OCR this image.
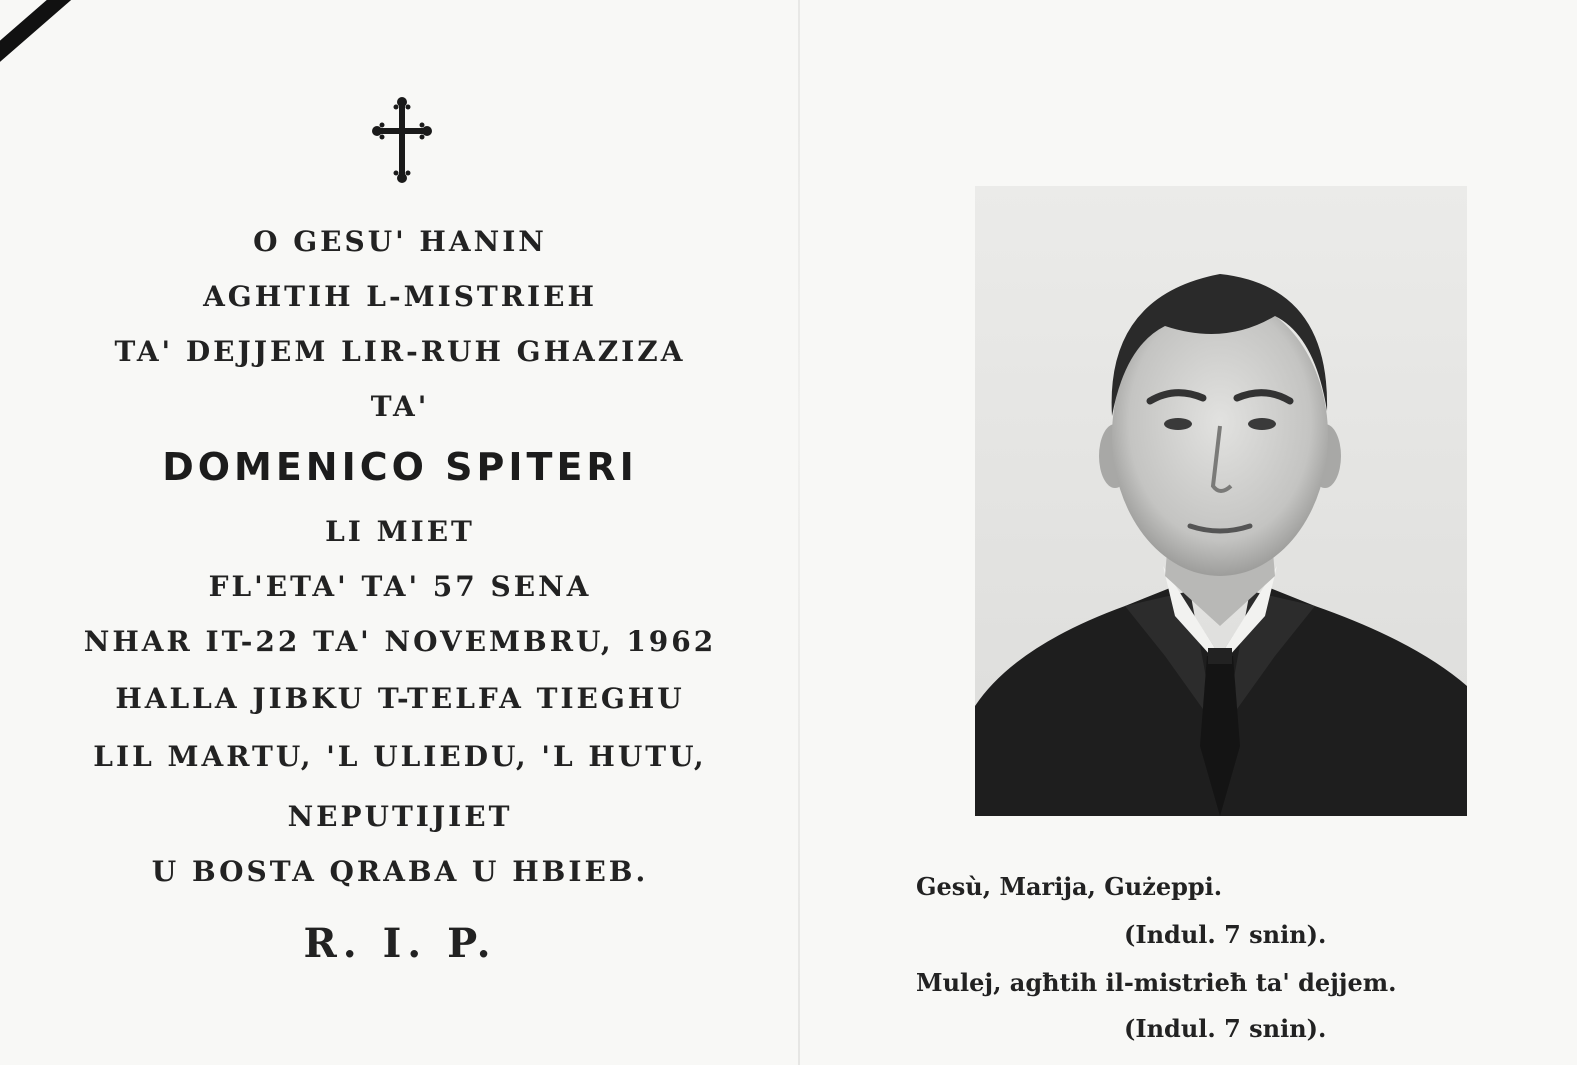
O GESU' HANIN
AGHTIH L-MISTRIEH
TA' DEJJEM LIR-RUH GHAZIZA
TA'
DOMENICO SPITERI
LI MIET
FL'ETA' TA' 57 SENA
NHAR IT-22 TA' NOVEMBRU, 1962
HALLA JIBKU T-TELFA TIEGHU
LIL MARTU, 'L ULIEDU, 'L HUTU,
NEPUTIJIET
U BOSTA QRABA U HBIEB.
R. I. P.
Gesù, Marija, Gużeppi.
(Indul. 7 snin).
Mulej, agħtih il-mistrieħ ta' dejjem.
(Indul. 7 snin).
